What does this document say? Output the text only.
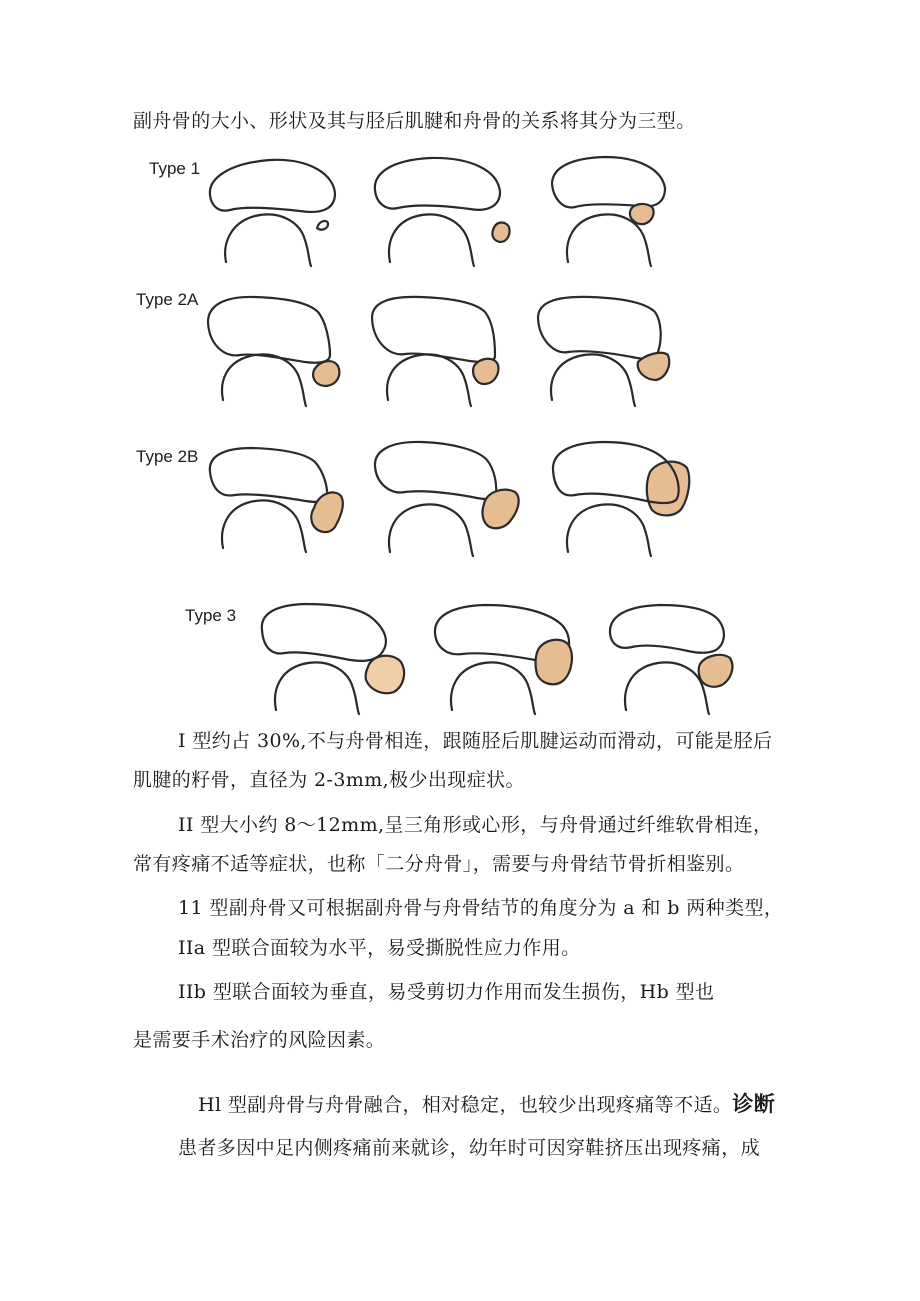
副舟骨的大小、形状及其与胫后肌腱和舟骨的关系将其分为三型。
Type 1
Type 2A
Type 2B
Type 3
I 型约占 30%,不与舟骨相连，跟随胫后肌腱运动而滑动，可能是胫后
肌腱的籽骨，直径为 2-3mm,极少出现症状。
II 型大小约 8～12mm,呈三角形或心形，与舟骨通过纤维软骨相连，
常有疼痛不适等症状，也称「二分舟骨」，需要与舟骨结节骨折相鉴别。
11 型副舟骨又可根据副舟骨与舟骨结节的角度分为 a 和 b 两种类型，
IIa 型联合面较为水平，易受撕脱性应力作用。
IIb 型联合面较为垂直，易受剪切力作用而发生损伤，Hb 型也
是需要手术治疗的风险因素。
Hl 型副舟骨与舟骨融合，相对稳定，也较少出现疼痛等不适。诊断
患者多因中足内侧疼痛前来就诊，幼年时可因穿鞋挤压出现疼痛，成
